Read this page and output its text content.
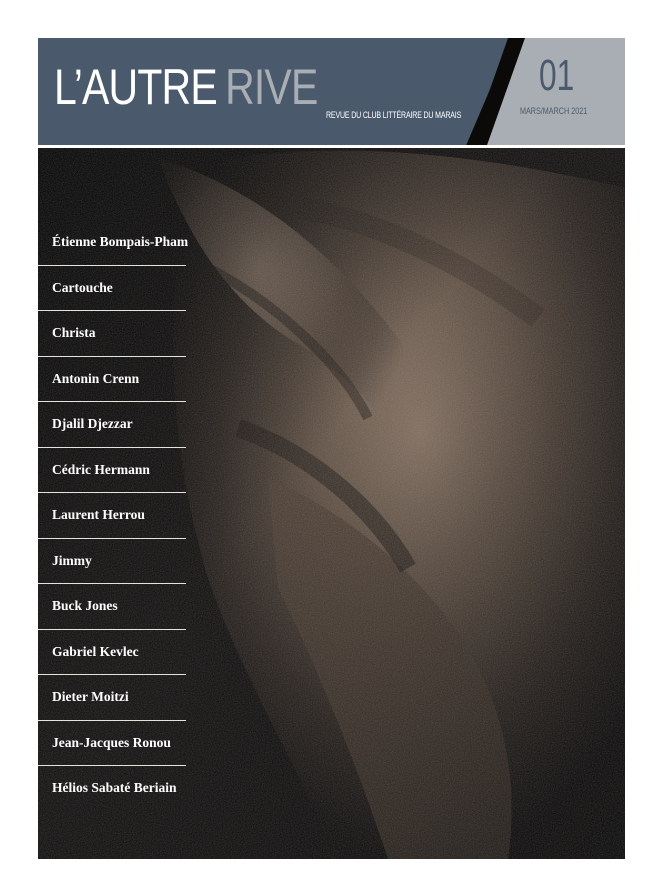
L’AUTRE RIVE REVUE DU CLUB LITTÉRAIRE DU MARAIS
01
MARS/MARCH 2021
Étienne Bompais-Pham
Cartouche
Christa
Antonin Crenn
Djalil Djezzar
Cédric Hermann
Laurent Herrou
Jimmy
Buck Jones
Gabriel Kevlec
Dieter Moitzi
Jean-Jacques Ronou
Hélios Sabaté Beriain
